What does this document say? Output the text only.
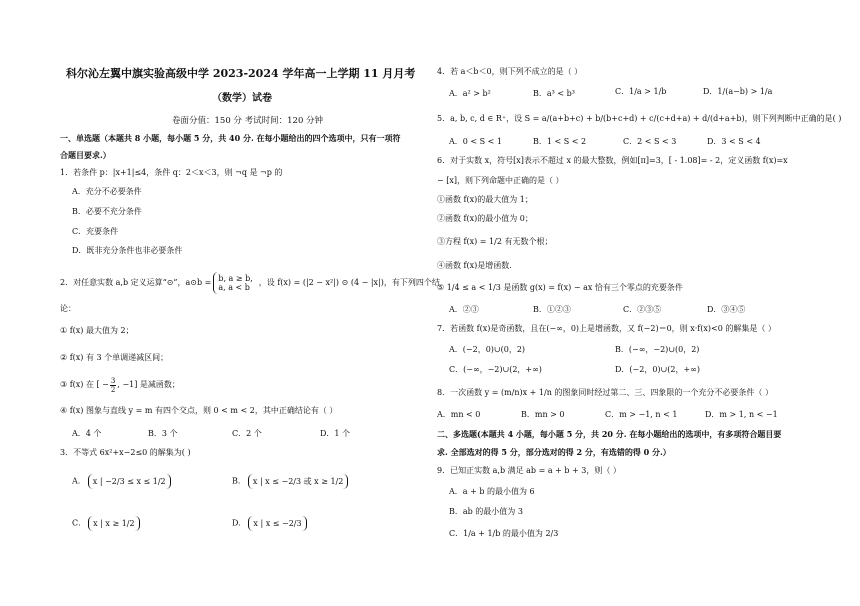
科尔沁左翼中旗实验高级中学 2023-2024 学年高一上学期 11 月月考
（数学）试卷
卷面分值：150 分 考试时间：120 分钟
一、单选题（本题共 8 小题，每小题 5 分，共 40 分. 在每小题给出的四个选项中，只有一项符
合题目要求.）
1．若条件 p：|x+1|≤4，条件 q：2＜x＜3，则 ¬q 是 ¬p 的
A．充分不必要条件
B．必要不充分条件
C．充要条件
D．既非充分条件也非必要条件
2．对任意实数 a,b 定义运算“⊙”，a⊙b = b, a ≥ b,
a, a < b
，设 f(x) = (|2 − x²|) ⊙ (4 − |x|)，有下列四个结
论：
① f(x) 最大值为 2；
② f(x) 有 3 个单调递减区间；
③ f(x) 在 [ − $\frac{3}{2}$ , −1] 是减函数；
④ f(x) 图象与直线 y = m 有四个交点，则 0 < m < 2，其中正确结论有（ ）
A．4 个	B．3 个	C．2 个	D．1 个
3．不等式 6x²+x−2≤0 的解集为( )
A． x | −2/3 ≤ x ≤ 1/2	B． x | x ≤ −2/3 或 x ≥ 1/2
C． x | x ≥ 1/2	D． x | x ≤ −2/3
4．若 a＜b＜0，则下列不成立的是（ ）
A．a² > b²	B．a³ < b³	C．1/a > 1/b	D．1/(a−b) > 1/a
5．a, b, c, d ∈ R⁺，设 S = a/(a+b+c) + b/(b+c+d) + c/(c+d+a) + d/(d+a+b)，则下列判断中正确的是( )
A．0 < S < 1	B．1 < S < 2	C．2 < S < 3	D．3 < S < 4
6．对于实数 x，符号[x]表示不超过 x 的最大整数，例如[π]=3，[ - 1.08]= - 2，定义函数 f(x)=x
− [x]，则下列命题中正确的是（ ）
①函数 f(x)的最大值为 1；
②函数 f(x)的最小值为 0；
③方程 f(x) = 1/2 有无数个根；
④函数 f(x)是增函数.
⑤ 1/4 ≤ a < 1/3 是函数 g(x) = f(x) − ax 恰有三个零点的充要条件
A．②③	B．①②③	C．②③⑤	D．③④⑤
7．若函数 f(x)是奇函数，且在(−∞，0)上是增函数，又 f(−2)＝0，则 x·f(x)<0 的解集是（ ）
A．(−2，0)∪(0，2)	B．(−∞，−2)∪(0，2)
C．(−∞，−2)∪(2，+∞)	D．(−2，0)∪(2，+∞)
8．一次函数 y = (m/n)x + 1/n 的图象同时经过第二、三、四象限的一个充分不必要条件（ ）
A．mn < 0	B．mn > 0	C．m > −1, n < 1	D．m > 1, n < −1
二、多选题(本题共 4 小题，每小题 5 分，共 20 分. 在每小题给出的选项中，有多项符合题目要
求. 全部选对的得 5 分，部分选对的得 2 分，有选错的得 0 分.）
9．已知正实数 a,b 满足 ab = a + b + 3，则（ ）
A．a + b 的最小值为 6
B．ab 的最小值为 3
C．1/a + 1/b 的最小值为 2/3
